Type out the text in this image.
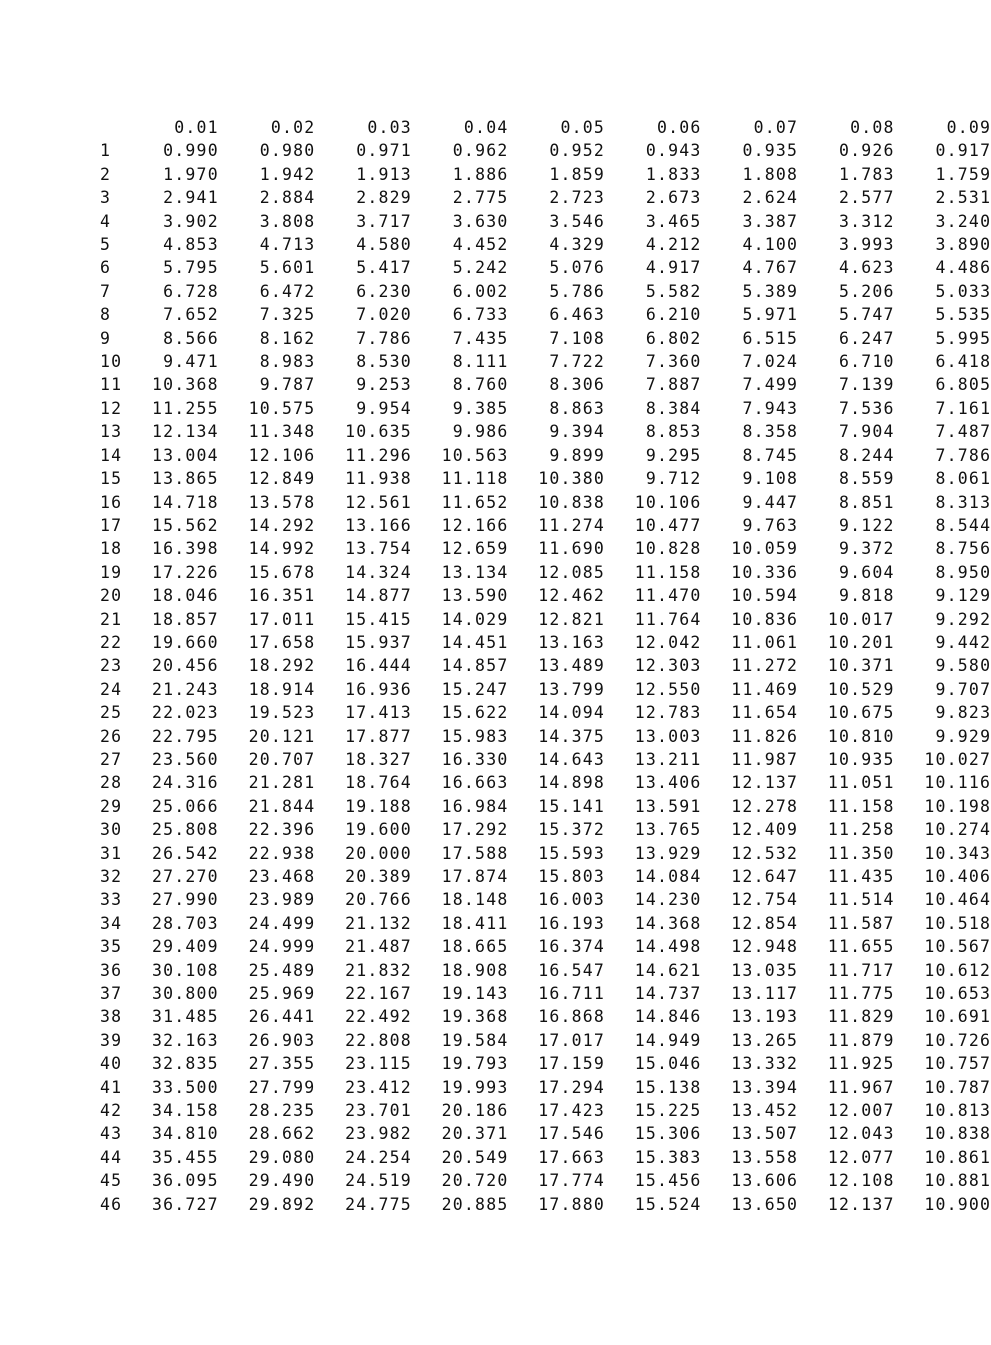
	0.01	0.02	0.03	0.04	0.05	0.06	0.07	0.08	0.09
1	0.990	0.980	0.971	0.962	0.952	0.943	0.935	0.926	0.917
2	1.970	1.942	1.913	1.886	1.859	1.833	1.808	1.783	1.759
3	2.941	2.884	2.829	2.775	2.723	2.673	2.624	2.577	2.531
4	3.902	3.808	3.717	3.630	3.546	3.465	3.387	3.312	3.240
5	4.853	4.713	4.580	4.452	4.329	4.212	4.100	3.993	3.890
6	5.795	5.601	5.417	5.242	5.076	4.917	4.767	4.623	4.486
7	6.728	6.472	6.230	6.002	5.786	5.582	5.389	5.206	5.033
8	7.652	7.325	7.020	6.733	6.463	6.210	5.971	5.747	5.535
9	8.566	8.162	7.786	7.435	7.108	6.802	6.515	6.247	5.995
10	9.471	8.983	8.530	8.111	7.722	7.360	7.024	6.710	6.418
11	10.368	9.787	9.253	8.760	8.306	7.887	7.499	7.139	6.805
12	11.255	10.575	9.954	9.385	8.863	8.384	7.943	7.536	7.161
13	12.134	11.348	10.635	9.986	9.394	8.853	8.358	7.904	7.487
14	13.004	12.106	11.296	10.563	9.899	9.295	8.745	8.244	7.786
15	13.865	12.849	11.938	11.118	10.380	9.712	9.108	8.559	8.061
16	14.718	13.578	12.561	11.652	10.838	10.106	9.447	8.851	8.313
17	15.562	14.292	13.166	12.166	11.274	10.477	9.763	9.122	8.544
18	16.398	14.992	13.754	12.659	11.690	10.828	10.059	9.372	8.756
19	17.226	15.678	14.324	13.134	12.085	11.158	10.336	9.604	8.950
20	18.046	16.351	14.877	13.590	12.462	11.470	10.594	9.818	9.129
21	18.857	17.011	15.415	14.029	12.821	11.764	10.836	10.017	9.292
22	19.660	17.658	15.937	14.451	13.163	12.042	11.061	10.201	9.442
23	20.456	18.292	16.444	14.857	13.489	12.303	11.272	10.371	9.580
24	21.243	18.914	16.936	15.247	13.799	12.550	11.469	10.529	9.707
25	22.023	19.523	17.413	15.622	14.094	12.783	11.654	10.675	9.823
26	22.795	20.121	17.877	15.983	14.375	13.003	11.826	10.810	9.929
27	23.560	20.707	18.327	16.330	14.643	13.211	11.987	10.935	10.027
28	24.316	21.281	18.764	16.663	14.898	13.406	12.137	11.051	10.116
29	25.066	21.844	19.188	16.984	15.141	13.591	12.278	11.158	10.198
30	25.808	22.396	19.600	17.292	15.372	13.765	12.409	11.258	10.274
31	26.542	22.938	20.000	17.588	15.593	13.929	12.532	11.350	10.343
32	27.270	23.468	20.389	17.874	15.803	14.084	12.647	11.435	10.406
33	27.990	23.989	20.766	18.148	16.003	14.230	12.754	11.514	10.464
34	28.703	24.499	21.132	18.411	16.193	14.368	12.854	11.587	10.518
35	29.409	24.999	21.487	18.665	16.374	14.498	12.948	11.655	10.567
36	30.108	25.489	21.832	18.908	16.547	14.621	13.035	11.717	10.612
37	30.800	25.969	22.167	19.143	16.711	14.737	13.117	11.775	10.653
38	31.485	26.441	22.492	19.368	16.868	14.846	13.193	11.829	10.691
39	32.163	26.903	22.808	19.584	17.017	14.949	13.265	11.879	10.726
40	32.835	27.355	23.115	19.793	17.159	15.046	13.332	11.925	10.757
41	33.500	27.799	23.412	19.993	17.294	15.138	13.394	11.967	10.787
42	34.158	28.235	23.701	20.186	17.423	15.225	13.452	12.007	10.813
43	34.810	28.662	23.982	20.371	17.546	15.306	13.507	12.043	10.838
44	35.455	29.080	24.254	20.549	17.663	15.383	13.558	12.077	10.861
45	36.095	29.490	24.519	20.720	17.774	15.456	13.606	12.108	10.881
46	36.727	29.892	24.775	20.885	17.880	15.524	13.650	12.137	10.900
